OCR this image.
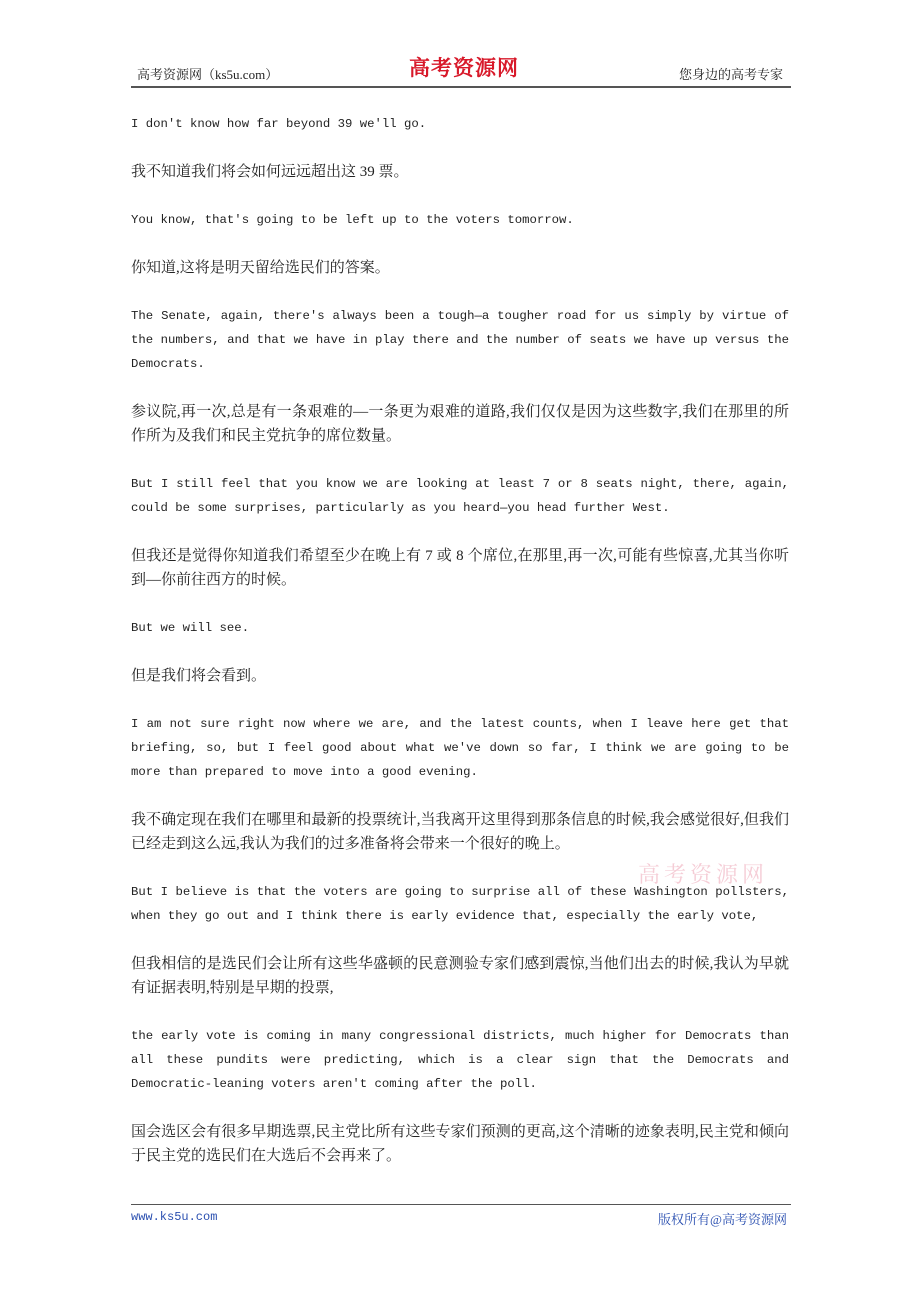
高考资源网（ks5u.com）	高考资源网	您身边的高考专家

I don't know how far beyond 39 we'll go.

我不知道我们将会如何远远超出这 39 票。

You know, that's going to be left up to the voters tomorrow.

你知道,这将是明天留给选民们的答案。

The Senate, again, there's always been a tough—a tougher road for us simply by virtue of the numbers, and that we have in play there and the number of seats we have up versus the Democrats.

参议院,再一次,总是有一条艰难的—一条更为艰难的道路,我们仅仅是因为这些数字,我们在那里的所作所为及我们和民主党抗争的席位数量。

But I still feel that you know we are looking at least 7 or 8 seats night, there, again, could be some surprises, particularly as you heard—you head further West.

但我还是觉得你知道我们希望至少在晚上有 7 或 8 个席位,在那里,再一次,可能有些惊喜,尤其当你听到—你前往西方的时候。

But we will see.

但是我们将会看到。

I am not sure right now where we are, and the latest counts, when I leave here get that briefing, so, but I feel good about what we've down so far, I think we are going to be more than prepared to move into a good evening.

我不确定现在我们在哪里和最新的投票统计,当我离开这里得到那条信息的时候,我会感觉很好,但我们已经走到这么远,我认为我们的过多准备将会带来一个很好的晚上。

But I believe is that the voters are going to surprise all of these Washington pollsters, when they go out and I think there is early evidence that, especially the early vote,

但我相信的是选民们会让所有这些华盛顿的民意测验专家们感到震惊,当他们出去的时候,我认为早就有证据表明,特别是早期的投票,

the early vote is coming in many congressional districts, much higher for Democrats than all these pundits were predicting, which is a clear sign that the Democrats and Democratic-leaning voters aren't coming after the poll.

国会选区会有很多早期选票,民主党比所有这些专家们预测的更高,这个清晰的迹象表明,民主党和倾向于民主党的选民们在大选后不会再来了。

高考资源网
www.ks5u.com	版权所有@高考资源网
